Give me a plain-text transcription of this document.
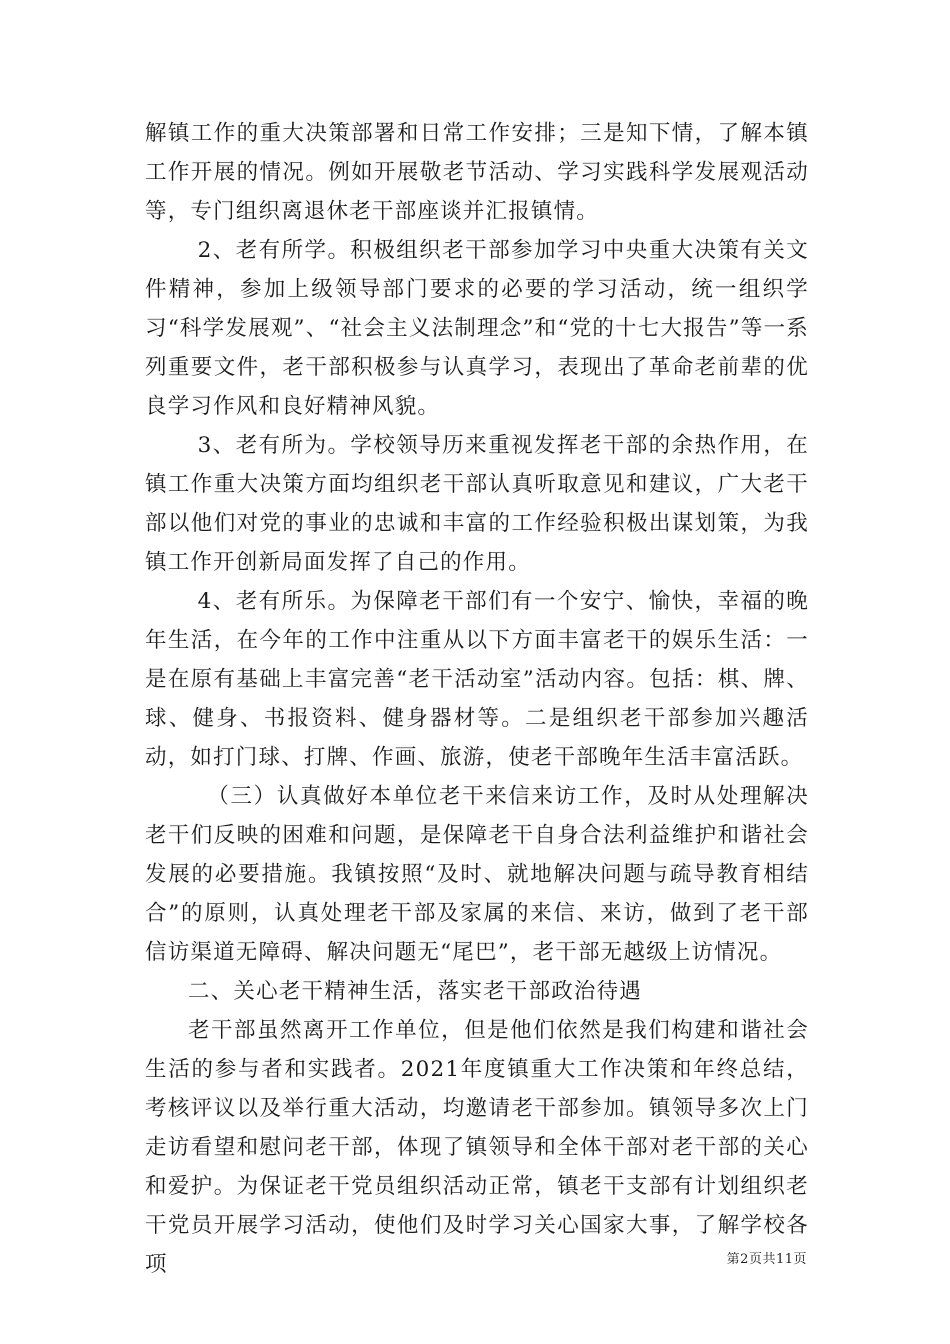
解镇工作的重大决策部署和日常工作安排；三是知下情，了解本镇工作开展的情况。例如开展敬老节活动、学习实践科学发展观活动等，专门组织离退休老干部座谈并汇报镇情。

2、老有所学。积极组织老干部参加学习中央重大决策有关文件精神，参加上级领导部门要求的必要的学习活动，统一组织学习“科学发展观”、“社会主义法制理念”和“党的十七大报告”等一系列重要文件，老干部积极参与认真学习，表现出了革命老前辈的优良学习作风和良好精神风貌。

3、老有所为。学校领导历来重视发挥老干部的余热作用，在镇工作重大决策方面均组织老干部认真听取意见和建议，广大老干部以他们对党的事业的忠诚和丰富的工作经验积极出谋划策，为我镇工作开创新局面发挥了自己的作用。

4、老有所乐。为保障老干部们有一个安宁、愉快，幸福的晚年生活，在今年的工作中注重从以下方面丰富老干的娱乐生活：一是在原有基础上丰富完善“老干活动室”活动内容。包括：棋、牌、球、健身、书报资料、健身器材等。二是组织老干部参加兴趣活动，如打门球、打牌、作画、旅游，使老干部晚年生活丰富活跃。

（三）认真做好本单位老干来信来访工作，及时从处理解决老干们反映的困难和问题，是保障老干自身合法利益维护和谐社会发展的必要措施。我镇按照“及时、就地解决问题与疏导教育相结合”的原则，认真处理老干部及家属的来信、来访，做到了老干部信访渠道无障碍、解决问题无“尾巴”，老干部无越级上访情况。

二、关心老干精神生活，落实老干部政治待遇

老干部虽然离开工作单位，但是他们依然是我们构建和谐社会生活的参与者和实践者。2021年度镇重大工作决策和年终总结，考核评议以及举行重大活动，均邀请老干部参加。镇领导多次上门走访看望和慰问老干部，体现了镇领导和全体干部对老干部的关心和爱护。为保证老干党员组织活动正常，镇老干支部有计划组织老干党员开展学习活动，使他们及时学习关心国家大事，了解学校各项	第2页共11页
